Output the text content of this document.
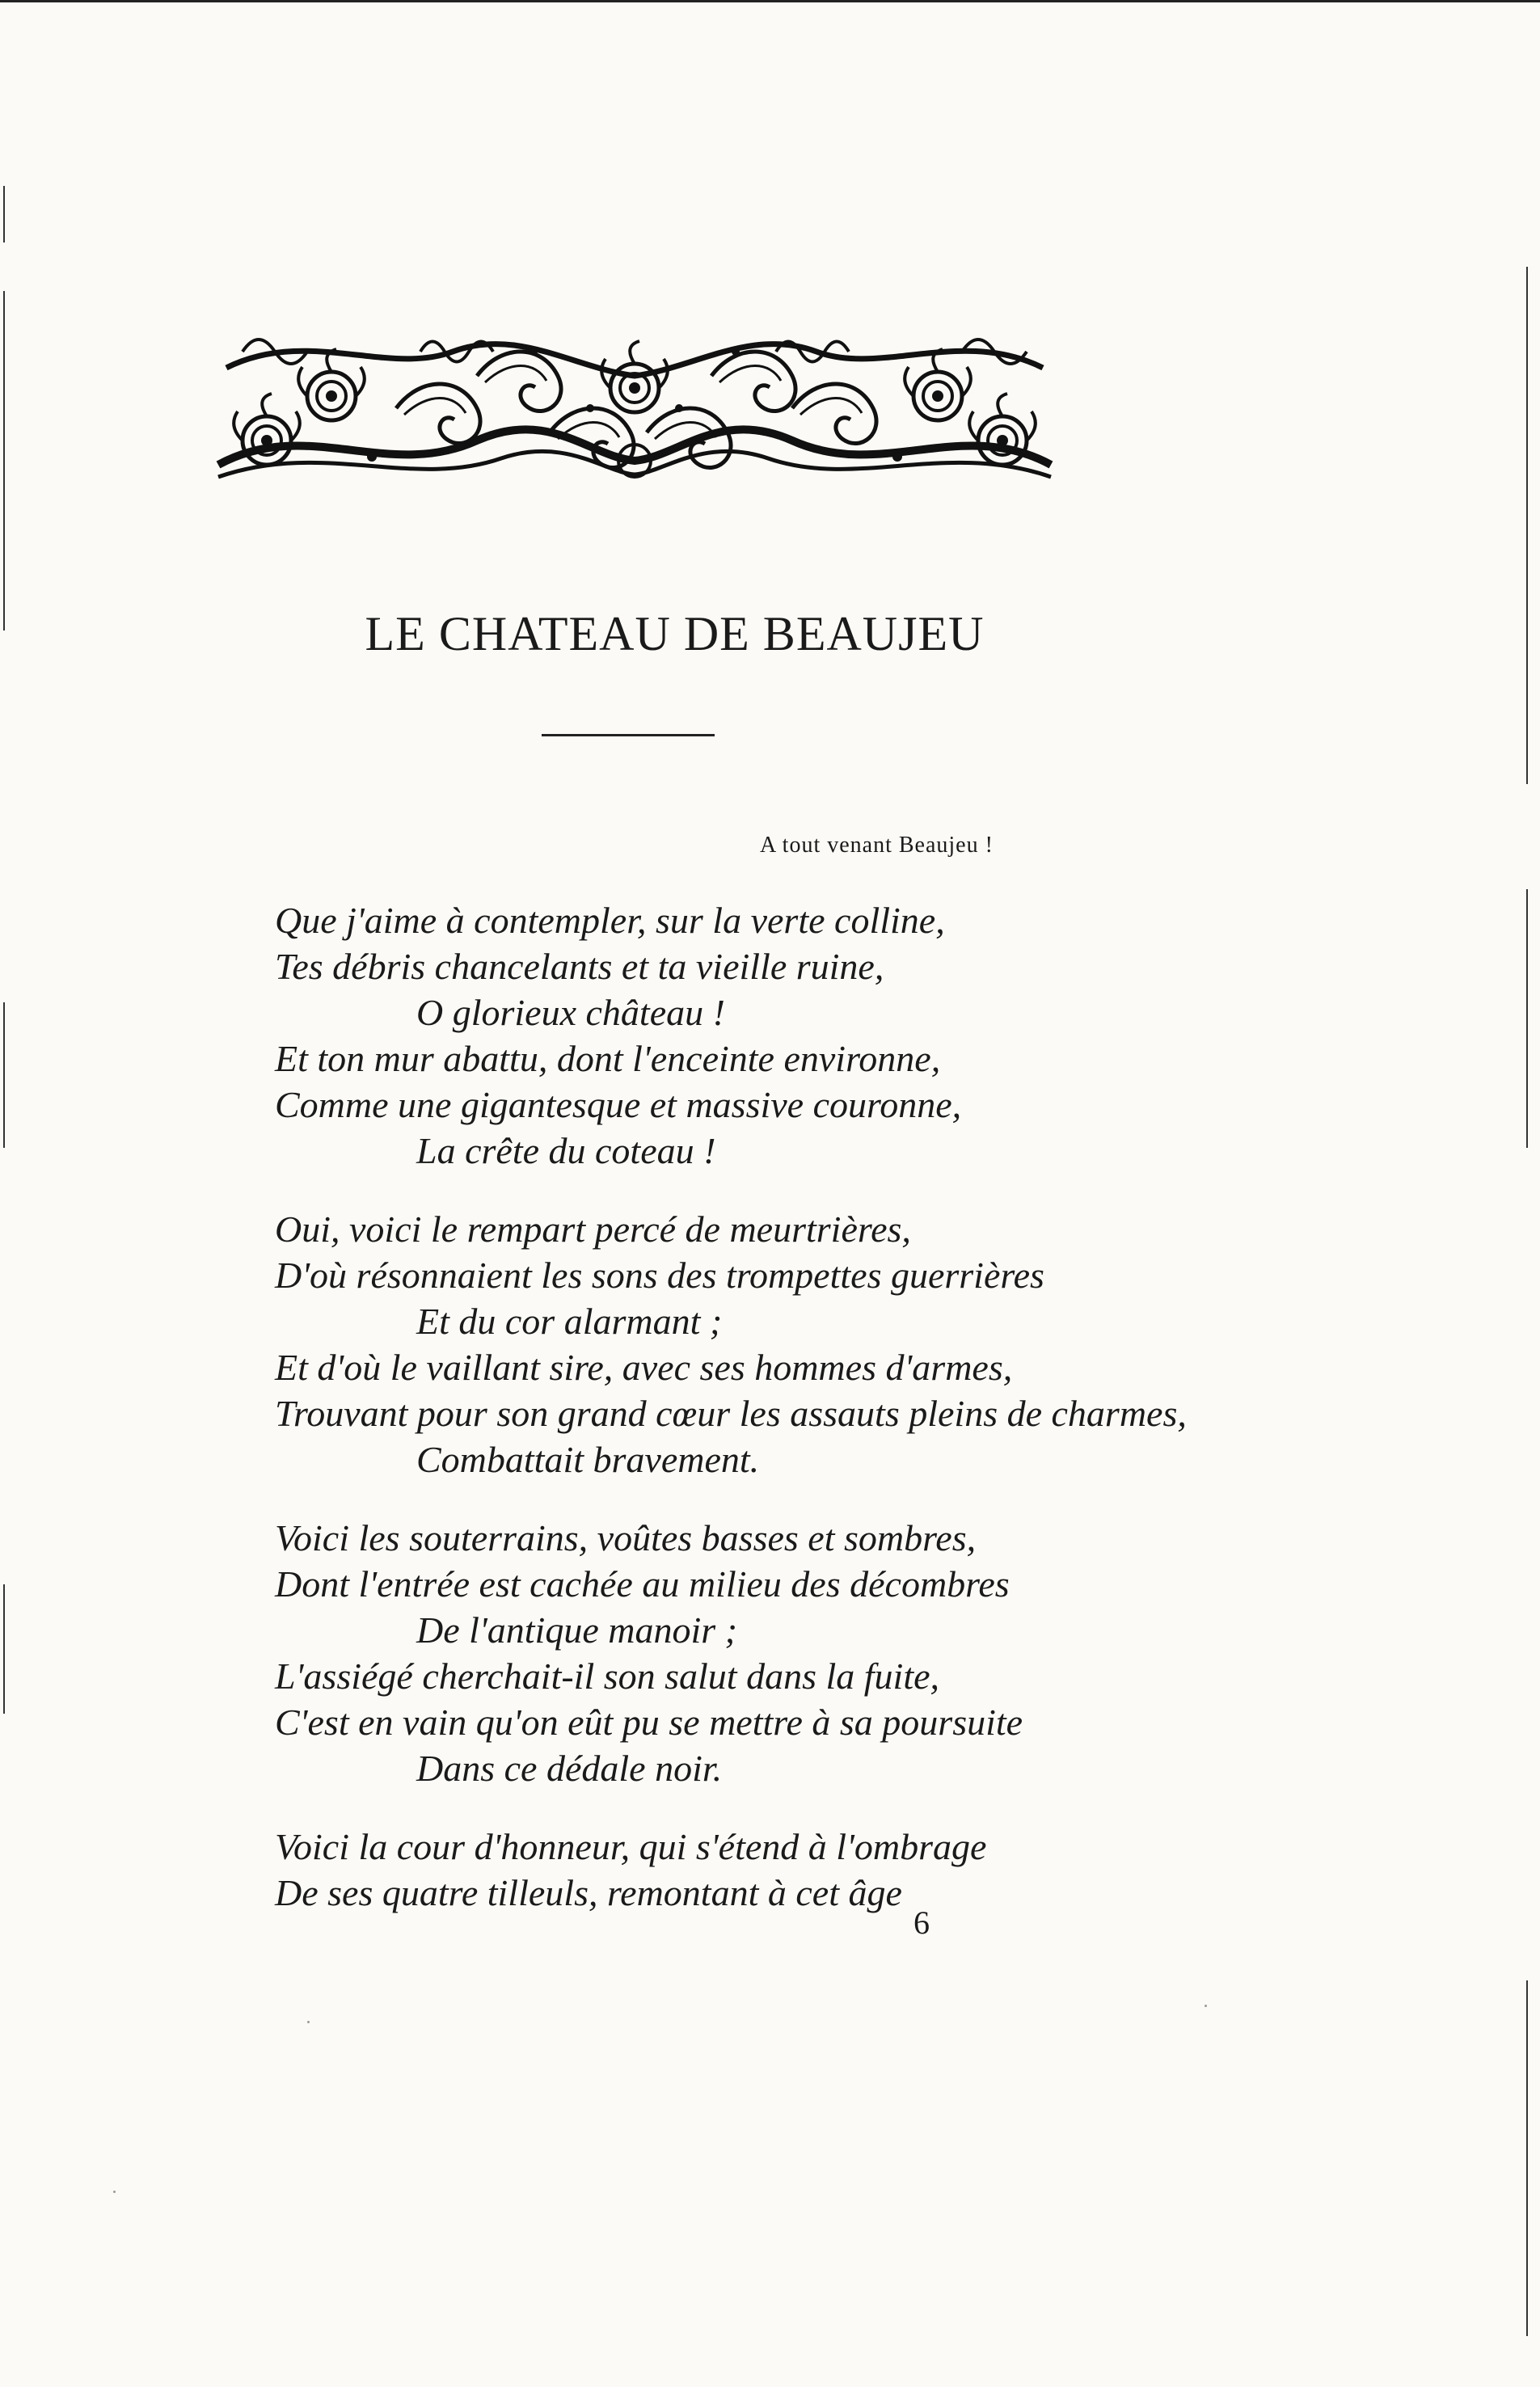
LE CHATEAU DE BEAUJEU
A tout venant Beaujeu !
Que j'aime à contempler, sur la verte colline,
Tes débris chancelants et ta vieille ruine,
O glorieux château !
Et ton mur abattu, dont l'enceinte environne,
Comme une gigantesque et massive couronne,
La crête du coteau !
Oui, voici le rempart percé de meurtrières,
D'où résonnaient les sons des trompettes guerrières
Et du cor alarmant ;
Et d'où le vaillant sire, avec ses hommes d'armes,
Trouvant pour son grand cœur les assauts pleins de charmes,
Combattait bravement.
Voici les souterrains, voûtes basses et sombres,
Dont l'entrée est cachée au milieu des décombres
De l'antique manoir ;
L'assiégé cherchait-il son salut dans la fuite,
C'est en vain qu'on eût pu se mettre à sa poursuite
Dans ce dédale noir.
Voici la cour d'honneur, qui s'étend à l'ombrage
De ses quatre tilleuls, remontant à cet âge
6
